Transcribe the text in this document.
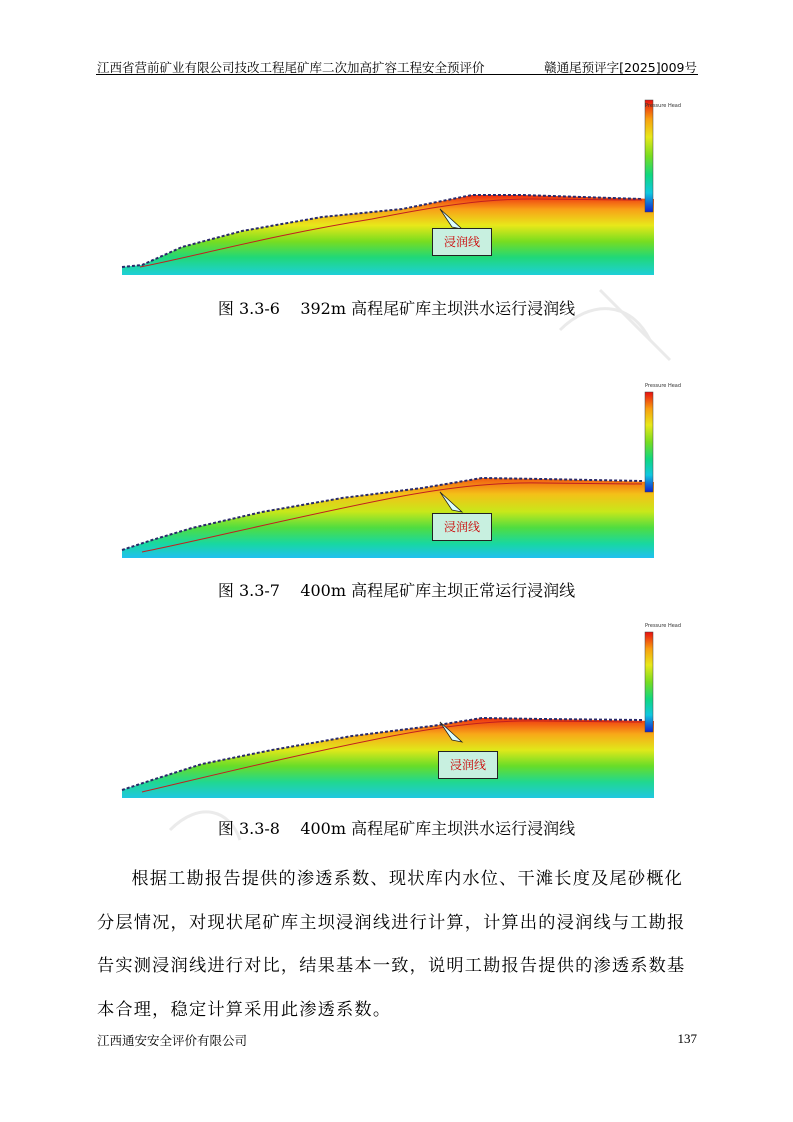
江西省营前矿业有限公司技改工程尾矿库二次加高扩容工程安全预评价	赣通尾预评字[2025]009号
Pressure Head
浸润线
图 3.3-6    392m 高程尾矿库主坝洪水运行浸润线
Pressure Head
浸润线
图 3.3-7    400m 高程尾矿库主坝正常运行浸润线
Pressure Head
浸润线
图 3.3-8    400m 高程尾矿库主坝洪水运行浸润线

根据工勘报告提供的渗透系数、现状库内水位、干滩长度及尾砂概化分层情况，对现状尾矿库主坝浸润线进行计算，计算出的浸润线与工勘报告实测浸润线进行对比，结果基本一致，说明工勘报告提供的渗透系数基本合理，稳定计算采用此渗透系数。

江西通安安全评价有限公司	137
